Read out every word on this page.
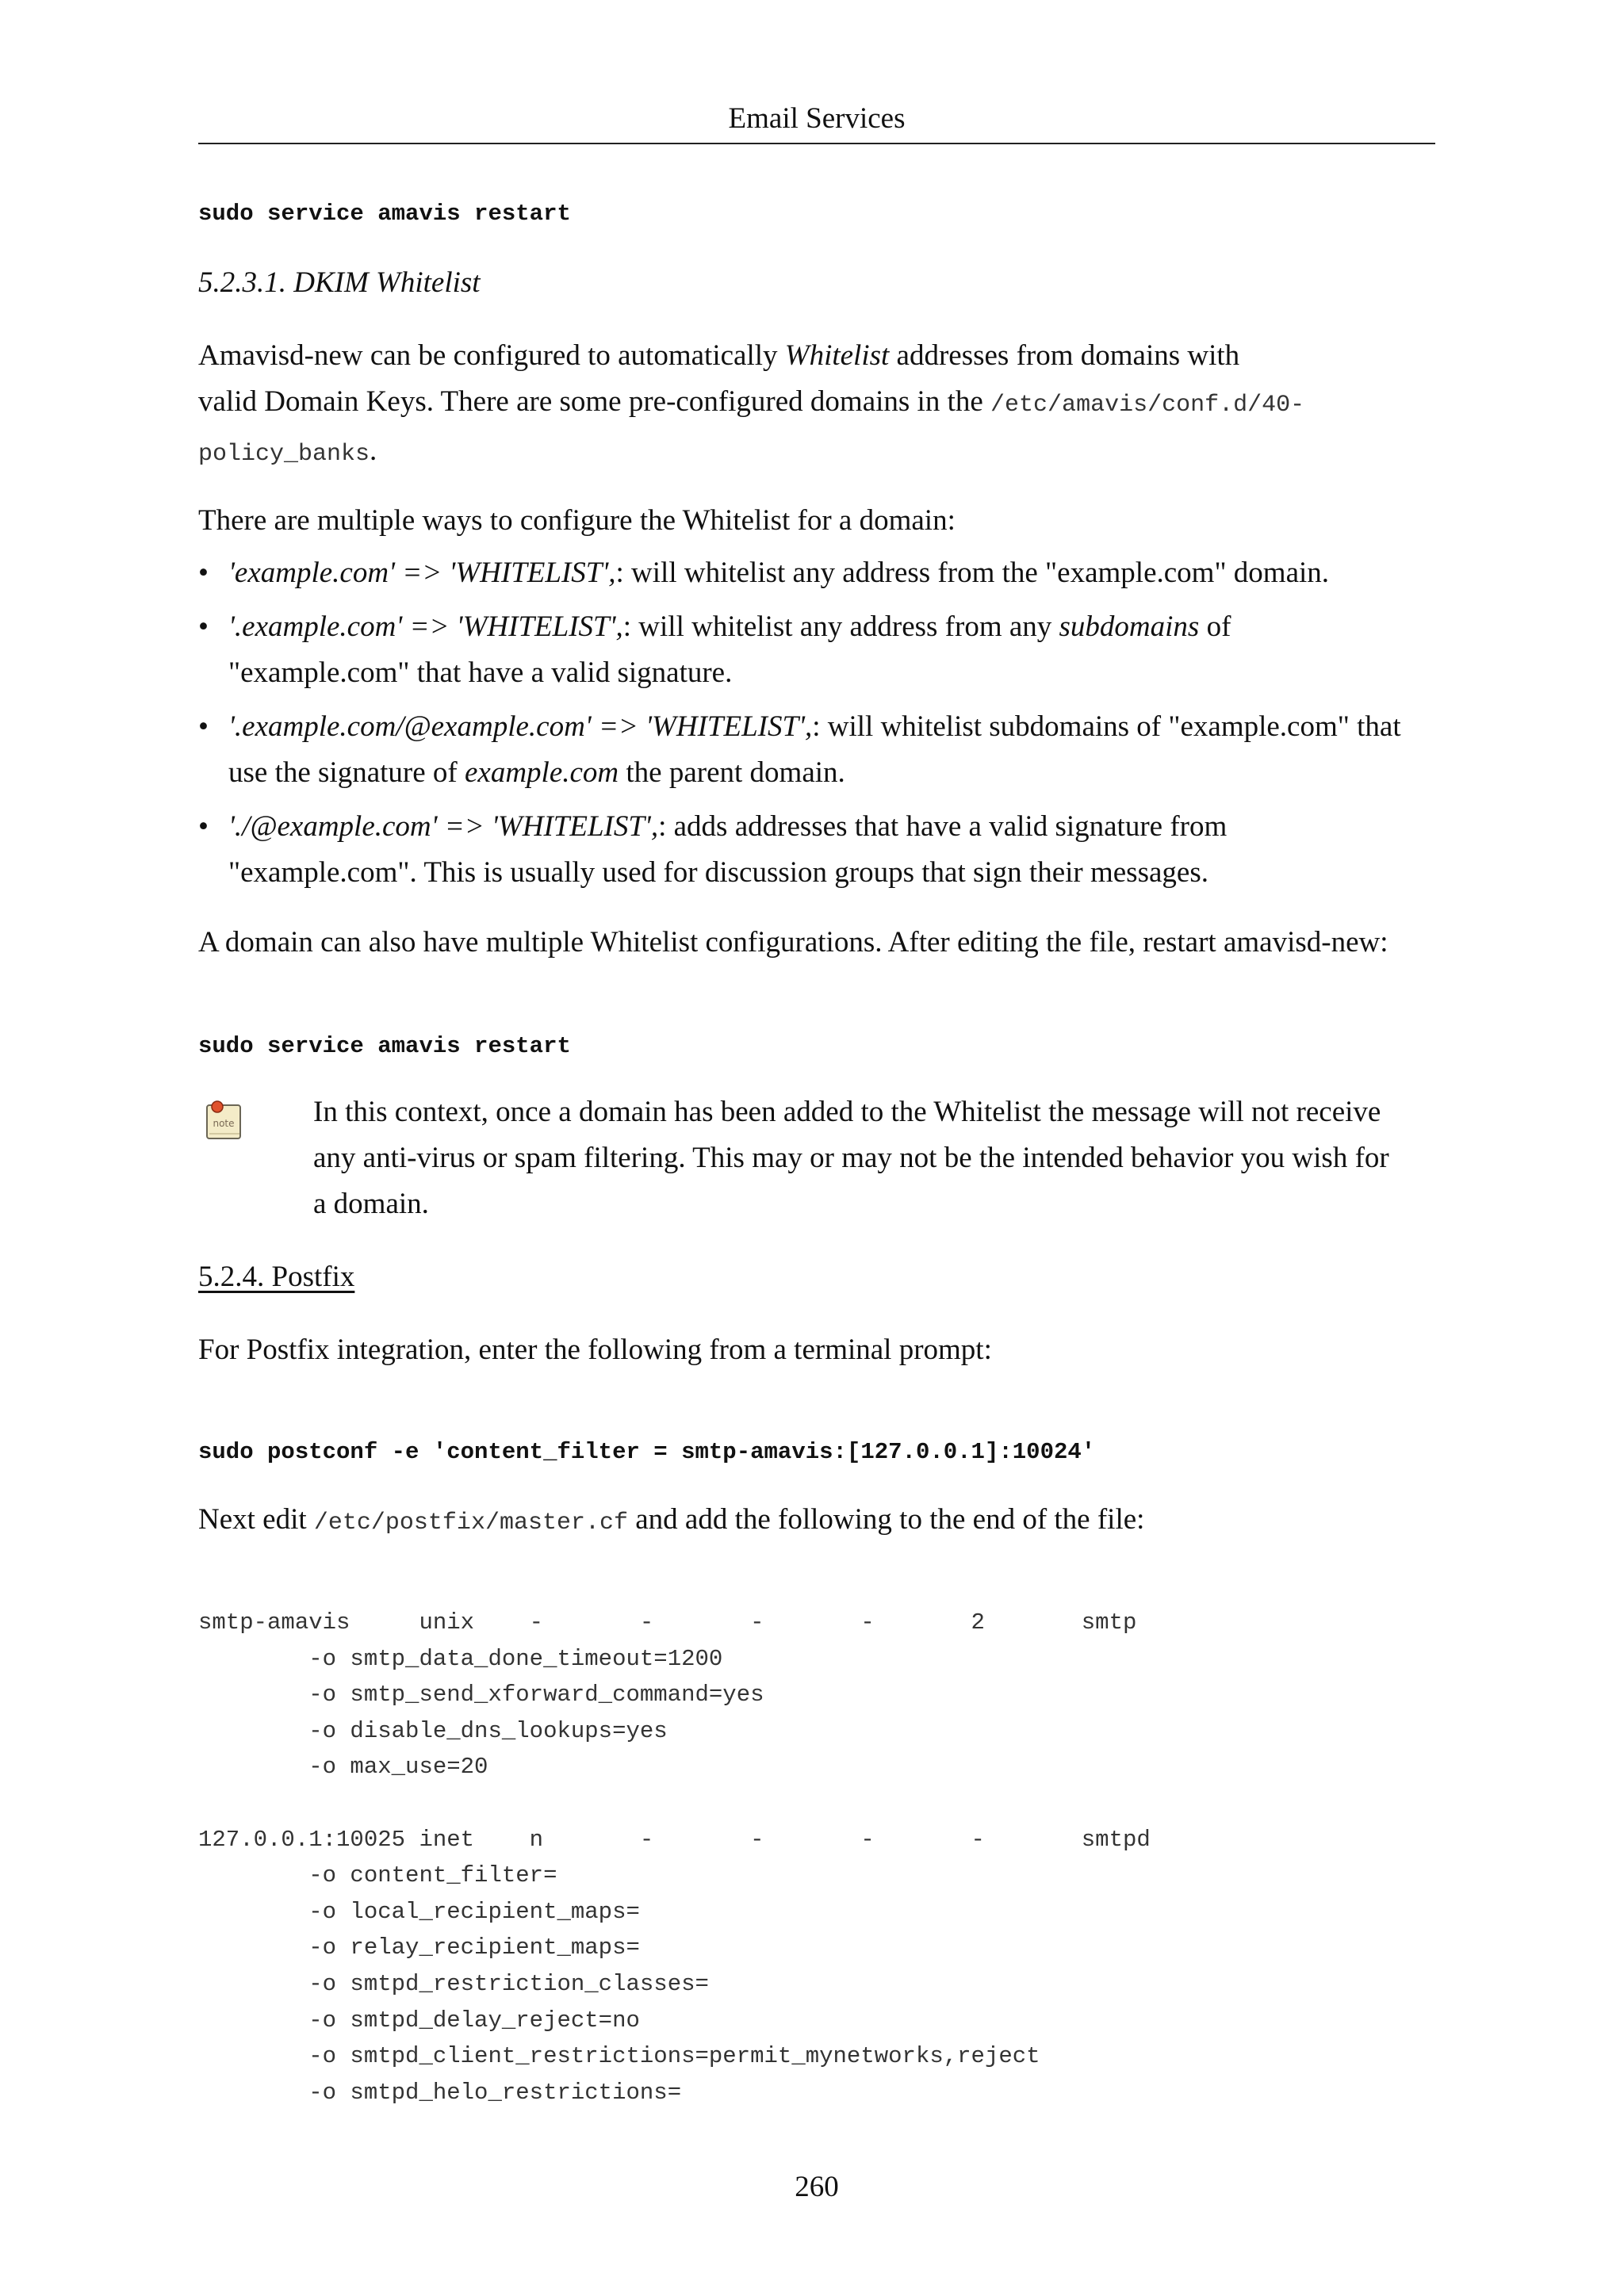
Email Services
sudo service amavis restart
5.2.3.1. DKIM Whitelist
Amavisd-new can be configured to automatically Whitelist addresses from domains with
valid Domain Keys. There are some pre-configured domains in the /etc/amavis/conf.d/40-
policy_banks.
There are multiple ways to configure the Whitelist for a domain:
• 'example.com' => 'WHITELIST',: will whitelist any address from the "example.com" domain.
• '.example.com' => 'WHITELIST',: will whitelist any address from any subdomains of
"example.com" that have a valid signature.
• '.example.com/@example.com' => 'WHITELIST',: will whitelist subdomains of "example.com" that
use the signature of example.com the parent domain.
• './@example.com' => 'WHITELIST',: adds addresses that have a valid signature from
"example.com". This is usually used for discussion groups that sign their messages.
A domain can also have multiple Whitelist configurations. After editing the file, restart amavisd-new:
sudo service amavis restart
note	In this context, once a domain has been added to the Whitelist the message will not receive
any anti-virus or spam filtering. This may or may not be the intended behavior you wish for
a domain.
5.2.4. Postfix
For Postfix integration, enter the following from a terminal prompt:
sudo postconf -e 'content_filter = smtp-amavis:[127.0.0.1]:10024'
Next edit /etc/postfix/master.cf and add the following to the end of the file:
smtp-amavis     unix    -       -       -       -       2       smtp
-o smtp_data_done_timeout=1200
-o smtp_send_xforward_command=yes
-o disable_dns_lookups=yes
-o max_use=20

127.0.0.1:10025 inet    n       -       -       -       -       smtpd
-o content_filter=
-o local_recipient_maps=
-o relay_recipient_maps=
-o smtpd_restriction_classes=
-o smtpd_delay_reject=no
-o smtpd_client_restrictions=permit_mynetworks,reject
-o smtpd_helo_restrictions=
260
